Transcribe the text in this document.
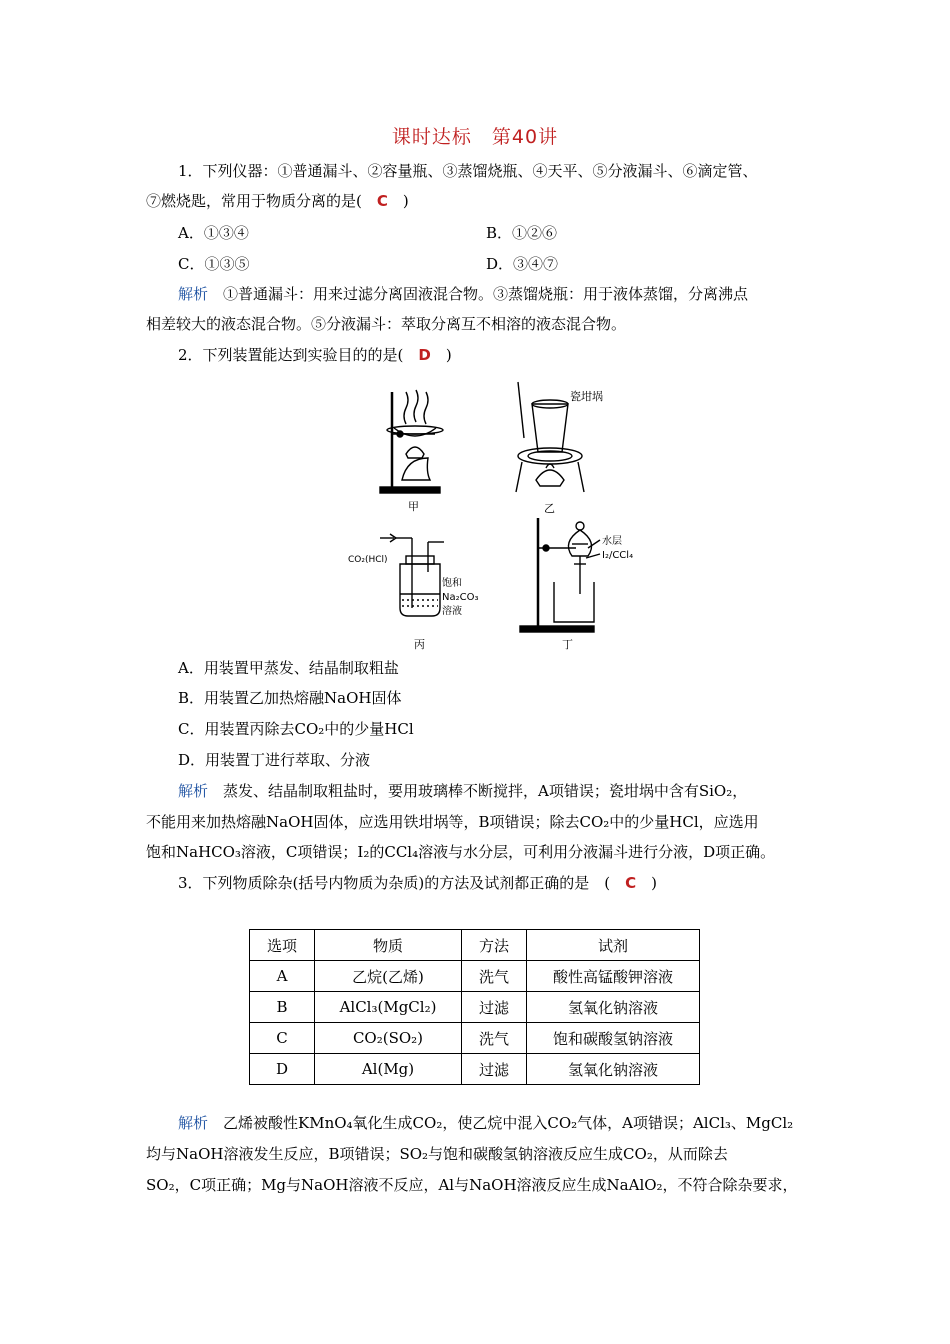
课时达标　第40讲
1．下列仪器：①普通漏斗、②容量瓶、③蒸馏烧瓶、④天平、⑤分液漏斗、⑥滴定管、
⑦燃烧匙，常用于物质分离的是(　C　)
A．①③④	B．①②⑥
C．①③⑤	D．③④⑦
解析　①普通漏斗：用来过滤分离固液混合物。③蒸馏烧瓶：用于液体蒸馏，分离沸点
相差较大的液态混合物。⑤分液漏斗：萃取分离互不相溶的液态混合物。
2．下列装置能达到实验目的的是(　D　)
甲	乙
瓷坩埚
CO₂(HCl)
饱和
Na₂CO₃
溶液
丙
水层
I₂/CCl₄
丁
A．用装置甲蒸发、结晶制取粗盐
B．用装置乙加热熔融NaOH固体
C．用装置丙除去CO₂中的少量HCl
D．用装置丁进行萃取、分液
解析　蒸发、结晶制取粗盐时，要用玻璃棒不断搅拌，A项错误；瓷坩埚中含有SiO₂，
不能用来加热熔融NaOH固体，应选用铁坩埚等，B项错误；除去CO₂中的少量HCl，应选用
饱和NaHCO₃溶液，C项错误；I₂的CCl₄溶液与水分层，可利用分液漏斗进行分液，D项正确。
3．下列物质除杂(括号内物质为杂质)的方法及试剂都正确的是　(　C　)
选项	物质	方法	试剂
A	乙烷(乙烯)	洗气	酸性高锰酸钾溶液
B	AlCl₃(MgCl₂)	过滤	氢氧化钠溶液
C	CO₂(SO₂)	洗气	饱和碳酸氢钠溶液
D	Al(Mg)	过滤	氢氧化钠溶液
解析　乙烯被酸性KMnO₄氧化生成CO₂，使乙烷中混入CO₂气体，A项错误；AlCl₃、MgCl₂
均与NaOH溶液发生反应，B项错误；SO₂与饱和碳酸氢钠溶液反应生成CO₂，从而除去
SO₂，C项正确；Mg与NaOH溶液不反应，Al与NaOH溶液反应生成NaAlO₂，不符合除杂要求，
